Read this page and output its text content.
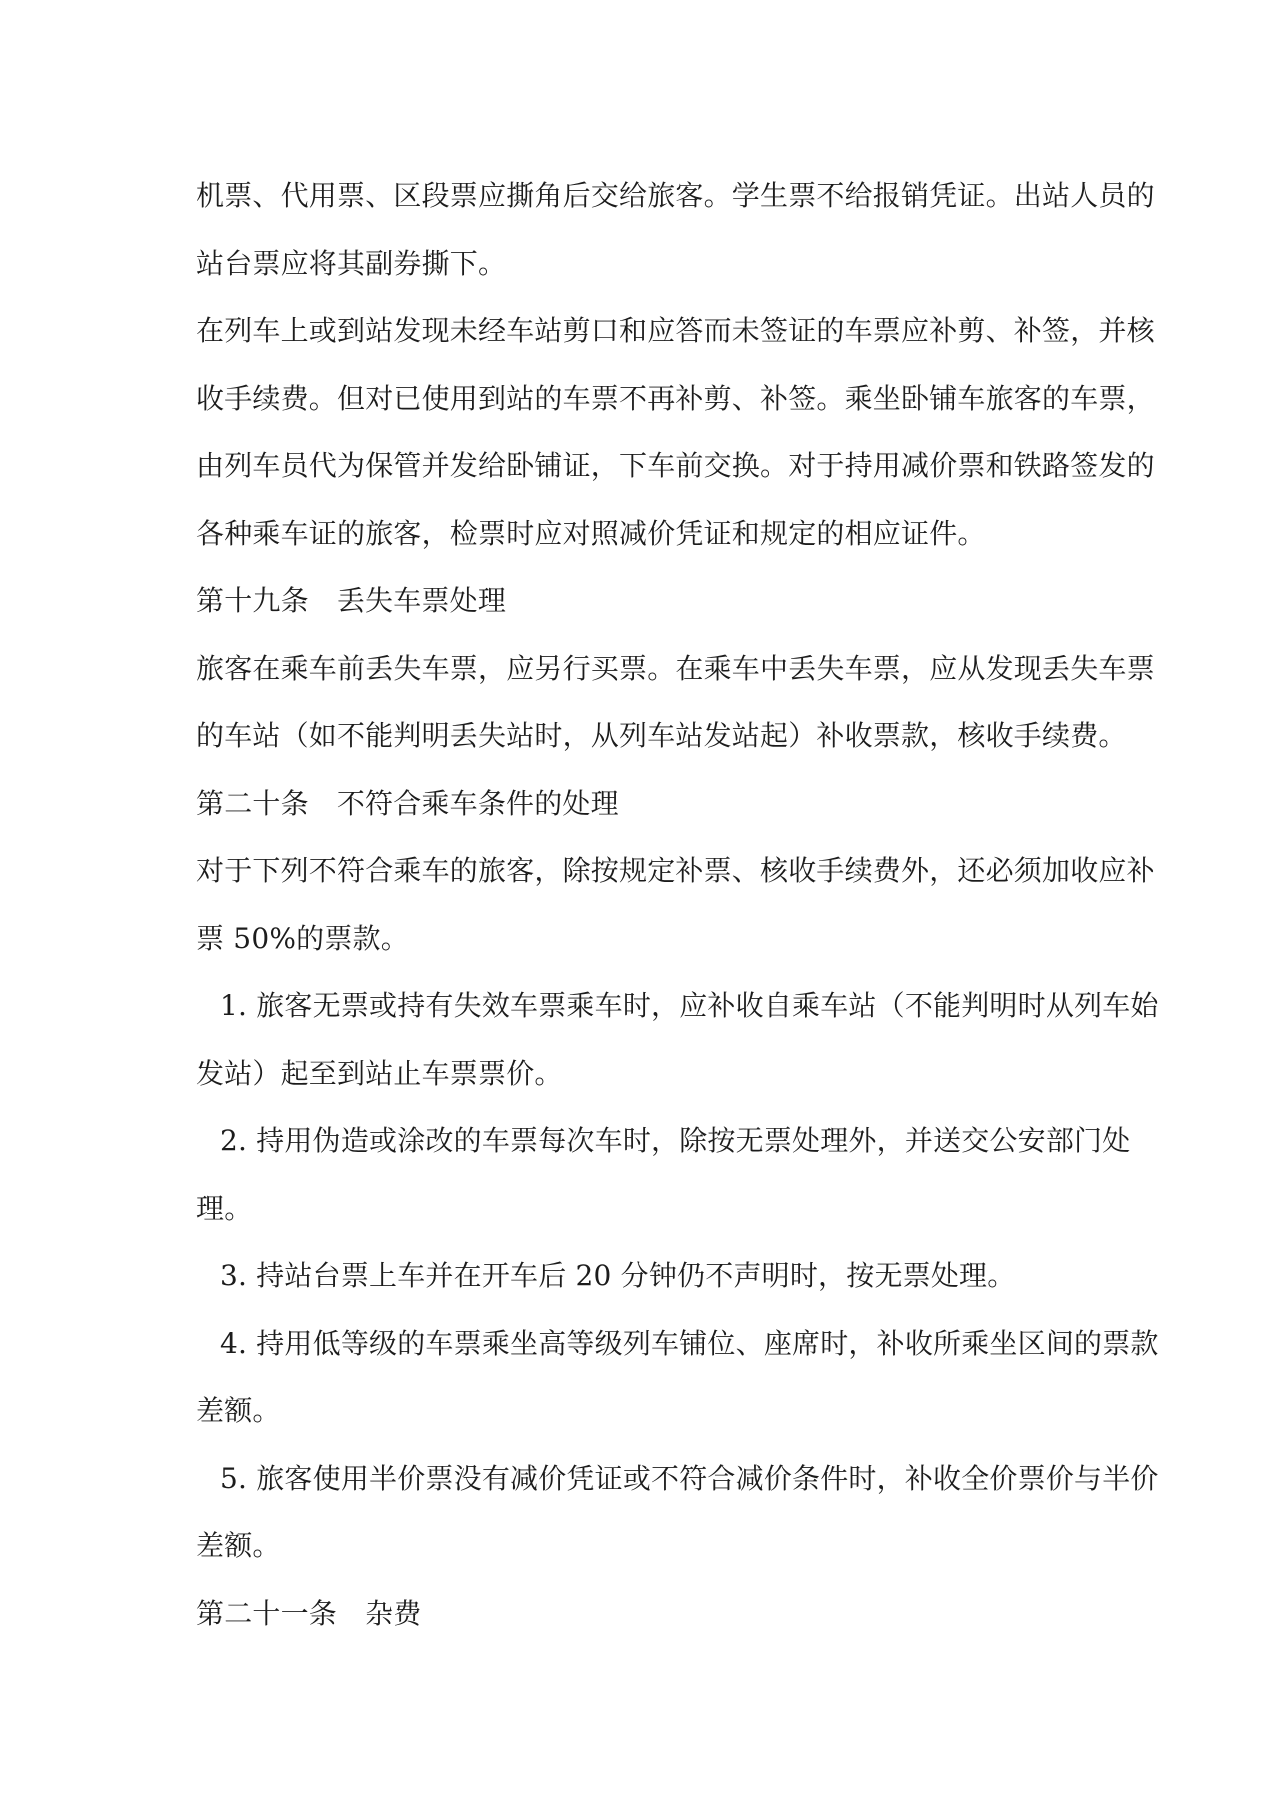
机票、代用票、区段票应撕角后交给旅客。学生票不给报销凭证。出站人员的
站台票应将其副券撕下。
在列车上或到站发现未经车站剪口和应答而未签证的车票应补剪、补签，并核
收手续费。但对已使用到站的车票不再补剪、补签。乘坐卧铺车旅客的车票，
由列车员代为保管并发给卧铺证，下车前交换。对于持用减价票和铁路签发的
各种乘车证的旅客，检票时应对照减价凭证和规定的相应证件。
第十九条 丢失车票处理
旅客在乘车前丢失车票，应另行买票。在乘车中丢失车票，应从发现丢失车票
的车站（如不能判明丢失站时，从列车站发站起）补收票款，核收手续费。
第二十条 不符合乘车条件的处理
对于下列不符合乘车的旅客，除按规定补票、核收手续费外，还必须加收应补
票 50%的票款。
1. 旅客无票或持有失效车票乘车时，应补收自乘车站（不能判明时从列车始
发站）起至到站止车票票价。
2. 持用伪造或涂改的车票每次车时，除按无票处理外，并送交公安部门处
理。
3. 持站台票上车并在开车后 20 分钟仍不声明时，按无票处理。
4. 持用低等级的车票乘坐高等级列车铺位、座席时，补收所乘坐区间的票款
差额。
5. 旅客使用半价票没有减价凭证或不符合减价条件时，补收全价票价与半价
差额。
第二十一条 杂费
